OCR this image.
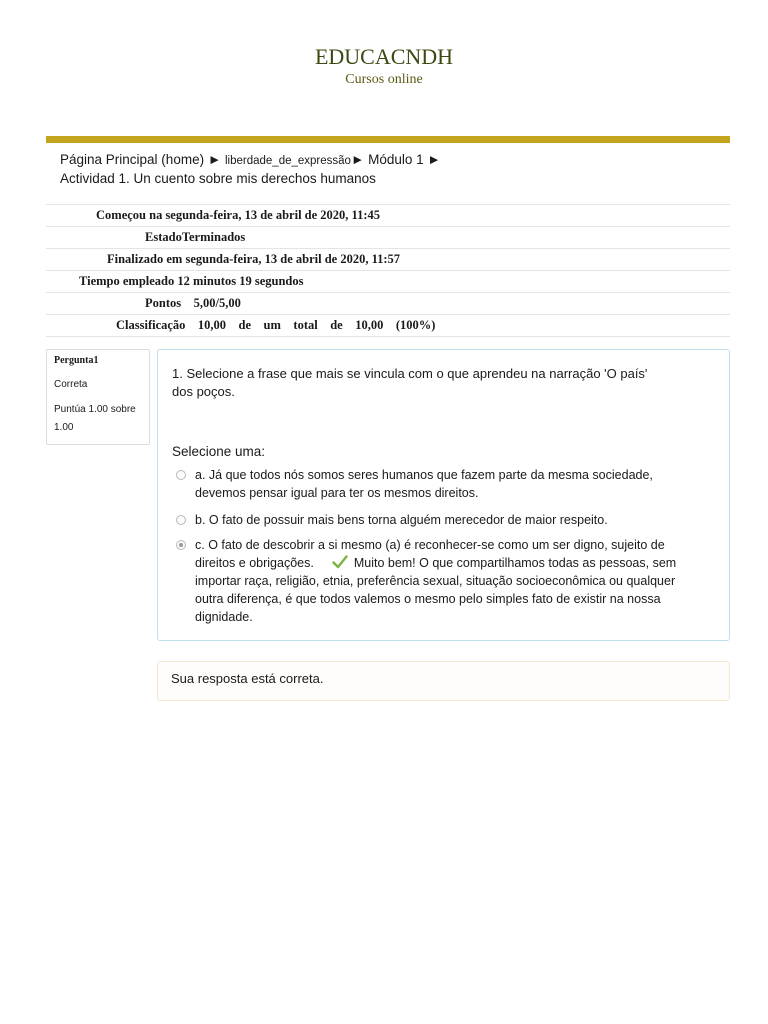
EDUCACNDH
Cursos online
Página Principal (home) ► liberdade_de_expressão► Módulo 1 ►
Actividad 1. Un cuento sobre mis derechos humanos
Começou na segunda-feira, 13 de abril de 2020, 11:45
EstadoTerminados
Finalizado em segunda-feira, 13 de abril de 2020, 11:57
Tiempo empleado 12 minutos 19 segundos
Pontos    5,00/5,00
Classificação    10,00    de    um    total    de    10,00    (100%)
Pergunta1
Correta
Puntúa 1.00 sobre 1.00
1. Selecione a frase que mais se vincula com o que aprendeu na narração 'O país' dos poços.
Selecione uma:
a. Já que todos nós somos seres humanos que fazem parte da mesma sociedade, devemos pensar igual para ter os mesmos direitos.
b. O fato de possuir mais bens torna alguém merecedor de maior respeito.
c. O fato de descobrir a si mesmo (a) é reconhecer-se como um ser digno, sujeito de direitos e obrigações.	Muito bem! O que compartilhamos todas as pessoas, sem importar raça, religião, etnia, preferência sexual, situação socioeconômica ou qualquer outra diferença, é que todos valemos o mesmo pelo simples fato de existir na nossa dignidade.
Sua resposta está correta.
